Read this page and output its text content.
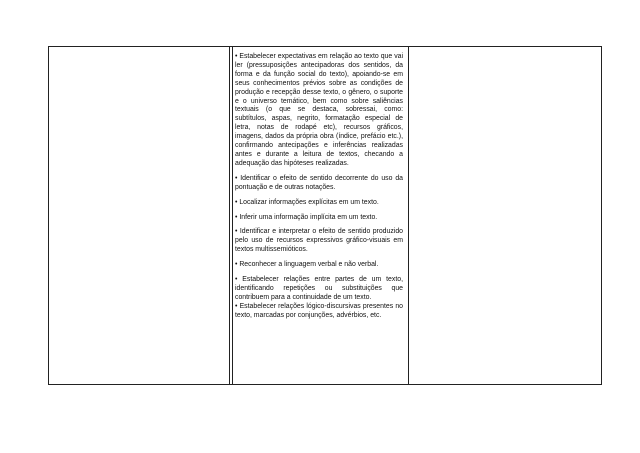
• Estabelecer expectativas em relação ao texto que vai ler (pressuposições antecipadoras dos sentidos, da forma e da função social do texto), apoiando-se em seus conhecimentos prévios sobre as condições de produção e recepção desse texto, o gênero, o suporte e o universo temático, bem como sobre saliências textuais (o que se destaca, sobressai, como: subtítulos, aspas, negrito, formatação especial de letra, notas de rodapé etc), recursos gráficos, imagens, dados da própria obra (índice, prefácio etc.), confirmando antecipações e inferências realizadas antes e durante a leitura de textos, checando a adequação das hipóteses realizadas.

• Identificar o efeito de sentido decorrente do uso da pontuação e de outras notações.

• Localizar informações explícitas em um texto.

• Inferir uma informação implícita em um texto.

• Identificar e interpretar o efeito de sentido produzido pelo uso de recursos expressivos gráfico-visuais em textos multissemióticos.

• Reconhecer a linguagem verbal e não verbal.

• Estabelecer relações entre partes de um texto, identificando repetições ou substituições que contribuem para a continuidade de um texto.

• Estabelecer relações lógico-discursivas presentes no texto, marcadas por conjunções, advérbios, etc.
